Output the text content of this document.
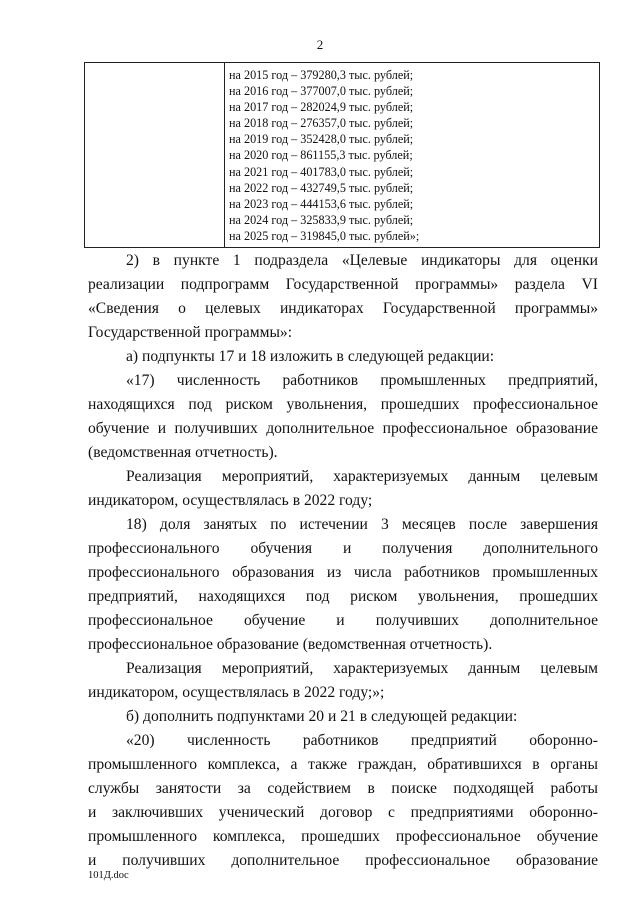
2
на 2015 год – 379280,3 тыс. рублей;
на 2016 год – 377007,0 тыс. рублей;
на 2017 год – 282024,9 тыс. рублей;
на 2018 год – 276357,0 тыс. рублей;
на 2019 год – 352428,0 тыс. рублей;
на 2020 год – 861155,3 тыс. рублей;
на 2021 год – 401783,0 тыс. рублей;
на 2022 год – 432749,5 тыс. рублей;
на 2023 год – 444153,6 тыс. рублей;
на 2024 год – 325833,9 тыс. рублей;
на 2025 год – 319845,0 тыс. рублей»;
2) в пункте 1 подраздела «Целевые индикаторы для оценки
реализации подпрограмм Государственной программы» раздела VI
«Сведения о целевых индикаторах Государственной программы»
Государственной программы»:
а) подпункты 17 и 18 изложить в следующей редакции:
«17) численность работников промышленных предприятий,
находящихся под риском увольнения, прошедших профессиональное
обучение и получивших дополнительное профессиональное образование
(ведомственная отчетность).
Реализация мероприятий, характеризуемых данным целевым
индикатором, осуществлялась в 2022 году;
18) доля занятых по истечении 3 месяцев после завершения
профессионального обучения и получения дополнительного
профессионального образования из числа работников промышленных
предприятий, находящихся под риском увольнения, прошедших
профессиональное обучение и получивших дополнительное
профессиональное образование (ведомственная отчетность).
Реализация мероприятий, характеризуемых данным целевым
индикатором, осуществлялась в 2022 году;»;
б) дополнить подпунктами 20 и 21 в следующей редакции:
«20) численность работников предприятий оборонно-
промышленного комплекса, а также граждан, обратившихся в органы
службы занятости за содействием в поиске подходящей работы
и заключивших ученический договор с предприятиями оборонно-
промышленного комплекса, прошедших профессиональное обучение
и получивших дополнительное профессиональное образование
101Д.doc
